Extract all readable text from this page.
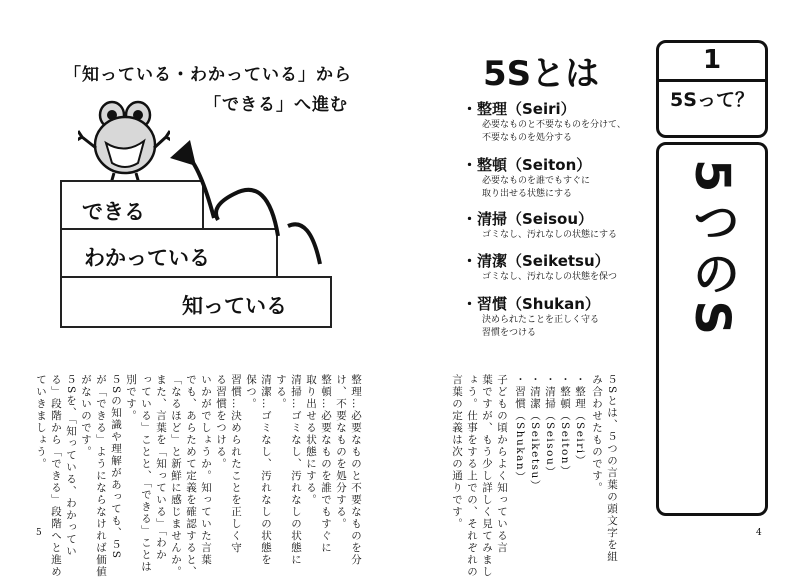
「知っている・わかっている」から
「できる」へ進む
できる
わかっている
知っている
整理…必要なものと不要なものを分
け、不要なものを処分する。
整頓…必要なものを誰でもすぐに
取り出せる状態にする。
清掃…ゴミなし、汚れなしの状態に
する。
清潔…ゴミなし、汚れなしの状態を
保つ。
習慣…決められたことを正しく守
る習慣をつける。
いかがでしょうか。知っていた言葉
でも、あらためて定義を確認すると、
「なるほど」と新鮮に感じませんか。
また、言葉を「知っている」「わか
っている」ことと、「できる」ことは
別です。
５Sの知識や理解があっても、５S
が「できる」ようにならなければ価値
がないのです。
５Sを、「知っている、わかってい
る」段階から「できる」段階へと進め
ていきましょう。
5
5Sとは
・整理（Seiri）
必要なものと不要なものを分けて、
不要なものを処分する
・整頓（Seiton）
必要なものを誰でもすぐに
取り出せる状態にする
・清掃（Seisou）
ゴミなし、汚れなしの状態にする
・清潔（Seiketsu）
ゴミなし、汚れなしの状態を保つ
・習慣（Shukan）
決められたことを正しく守る
習慣をつける
５Sとは、５つの言葉の頭文字を組
み合わせたものです。
・整理（Seiri）
・整頓（Seiton）
・清掃（Seisou）
・清潔（Seiketsu）
・習慣（Shukan）
子どもの頃からよく知っている言
葉ですが、もう少し詳しく見てみまし
ょう。仕事をする上での、それぞれの
言葉の定義は次の通りです。
4
1
5Sって？
5つのS
